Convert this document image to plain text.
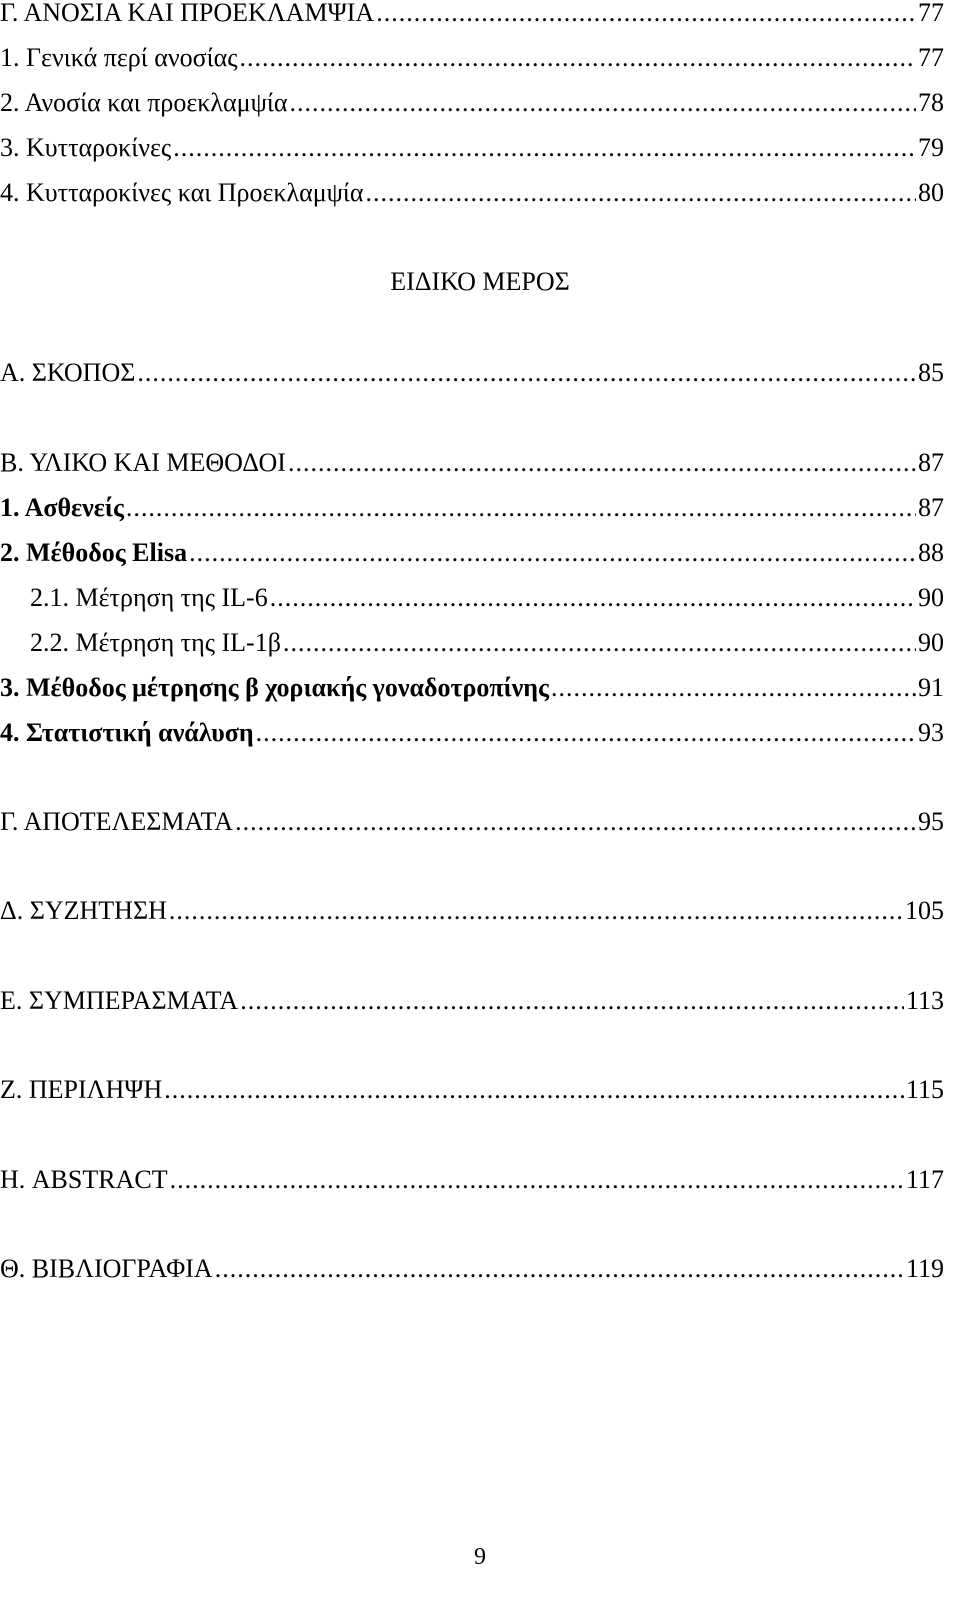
Γ. ΑΝΟΣΙΑ ΚΑΙ ΠΡΟΕΚΛΑΜΨΙΑ .....	77
1. Γενικά περί ανοσίας .....	77
2. Ανοσία και προεκλαμψία .....	78
3. Κυτταροκίνες .....	79
4. Κυτταροκίνες και Προεκλαμψία .....	80
ΕΙΔΙΚΟ ΜΕΡΟΣ
Α. ΣΚΟΠΟΣ .....	85
Β. ΥΛΙΚΟ ΚΑΙ ΜΕΘΟΔΟΙ .....	87
1. Ασθενείς .....	87
2. Μέθοδος Elisa .....	88
2.1. Μέτρηση της IL-6 .....	90
2.2. Μέτρηση της IL-1β .....	90
3. Μέθοδος μέτρησης β χοριακής γοναδοτροπίνης .....	91
4. Στατιστική ανάλυση .....	93
Γ. ΑΠΟΤΕΛΕΣΜΑΤΑ .....	95
Δ. ΣΥΖΗΤΗΣΗ .....	105
Ε. ΣΥΜΠΕΡΑΣΜΑΤΑ .....	113
Ζ. ΠΕΡΙΛΗΨΗ .....	115
Η. ABSTRACT .....	117
Θ. ΒΙΒΛΙΟΓΡΑΦΙΑ .....	119
9
